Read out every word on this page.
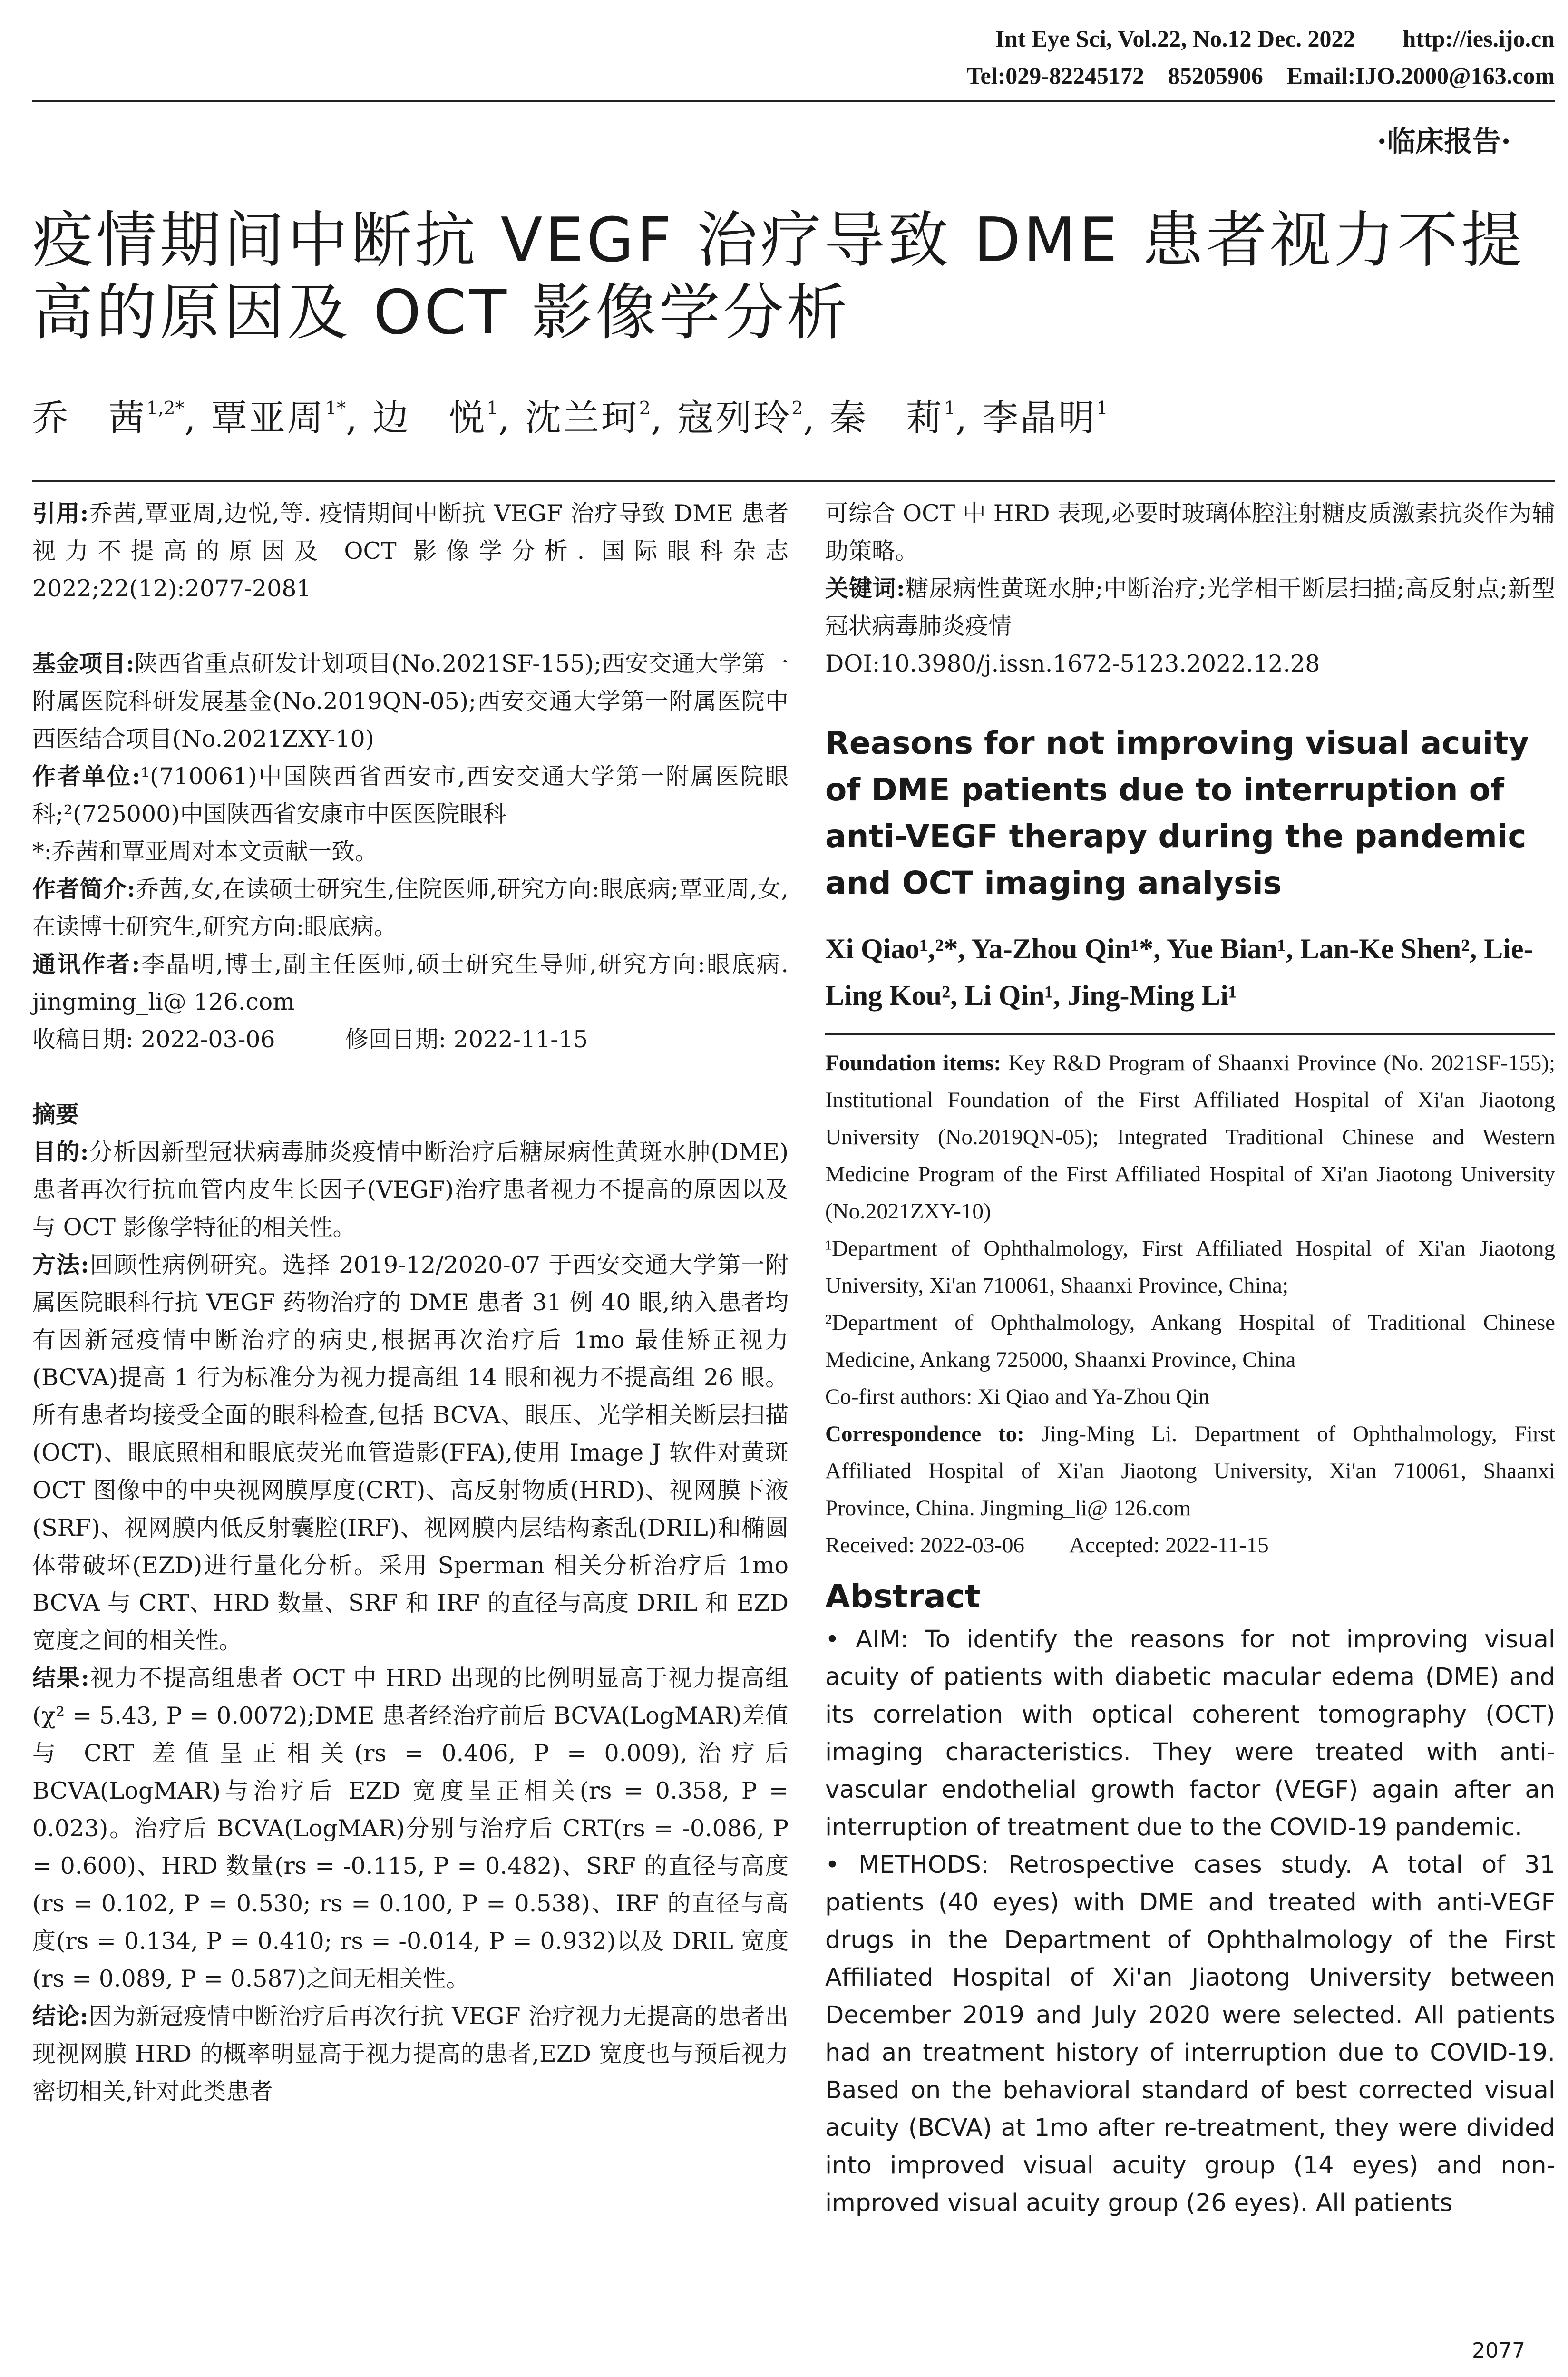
Int Eye Sci, Vol.22, No.12 Dec. 2022        http://ies.ijo.cn
Tel:029-82245172    85205906    Email:IJO.2000@163.com
·临床报告·
疫情期间中断抗 VEGF 治疗导致 DME 患者视力不提高的原因及 OCT 影像学分析
乔　茜$^{1,2*}$, 覃亚周$^{1*}$, 边　悦$^1$, 沈兰珂$^2$, 寇列玲$^2$, 秦　莉$^1$, 李晶明$^1$

引用:乔茜,覃亚周,边悦,等. 疫情期间中断抗 VEGF 治疗导致 DME 患者视力不提高的原因及 OCT 影像学分析. 国际眼科杂志 2022;22(12):2077-2081

基金项目:陕西省重点研发计划项目(No.2021SF-155);西安交通大学第一附属医院科研发展基金(No.2019QN-05);西安交通大学第一附属医院中西医结合项目(No.2021ZXY-10)

作者单位:¹(710061)中国陕西省西安市,西安交通大学第一附属医院眼科;²(725000)中国陕西省安康市中医医院眼科

*:乔茜和覃亚周对本文贡献一致。

作者简介:乔茜,女,在读硕士研究生,住院医师,研究方向:眼底病;覃亚周,女,在读博士研究生,研究方向:眼底病。

通讯作者:李晶明,博士,副主任医师,硕士研究生导师,研究方向:眼底病. jingming_li@ 126.com

收稿日期: 2022-03-06　　　修回日期: 2022-11-15

摘要

目的:分析因新型冠状病毒肺炎疫情中断治疗后糖尿病性黄斑水肿(DME)患者再次行抗血管内皮生长因子(VEGF)治疗患者视力不提高的原因以及与 OCT 影像学特征的相关性。

方法:回顾性病例研究。选择 2019-12/2020-07 于西安交通大学第一附属医院眼科行抗 VEGF 药物治疗的 DME 患者 31 例 40 眼,纳入患者均有因新冠疫情中断治疗的病史,根据再次治疗后 1mo 最佳矫正视力(BCVA)提高 1 行为标准分为视力提高组 14 眼和视力不提高组 26 眼。所有患者均接受全面的眼科检查,包括 BCVA、眼压、光学相关断层扫描(OCT)、眼底照相和眼底荧光血管造影(FFA),使用 Image J 软件对黄斑 OCT 图像中的中央视网膜厚度(CRT)、高反射物质(HRD)、视网膜下液(SRF)、视网膜内低反射囊腔(IRF)、视网膜内层结构紊乱(DRIL)和椭圆体带破坏(EZD)进行量化分析。采用 Sperman 相关分析治疗后 1mo BCVA 与 CRT、HRD 数量、SRF 和 IRF 的直径与高度 DRIL 和 EZD 宽度之间的相关性。

结果:视力不提高组患者 OCT 中 HRD 出现的比例明显高于视力提高组(χ² = 5.43, P = 0.0072);DME 患者经治疗前后 BCVA(LogMAR)差值与 CRT 差值呈正相关(rs = 0.406, P = 0.009),治疗后 BCVA(LogMAR)与治疗后 EZD 宽度呈正相关(rs = 0.358, P = 0.023)。治疗后 BCVA(LogMAR)分别与治疗后 CRT(rs = -0.086, P = 0.600)、HRD 数量(rs = -0.115, P = 0.482)、SRF 的直径与高度(rs = 0.102, P = 0.530; rs = 0.100, P = 0.538)、IRF 的直径与高度(rs = 0.134, P = 0.410; rs = -0.014, P = 0.932)以及 DRIL 宽度(rs = 0.089, P = 0.587)之间无相关性。

结论:因为新冠疫情中断治疗后再次行抗 VEGF 治疗视力无提高的患者出现视网膜 HRD 的概率明显高于视力提高的患者,EZD 宽度也与预后视力密切相关,针对此类患者

可综合 OCT 中 HRD 表现,必要时玻璃体腔注射糖皮质激素抗炎作为辅助策略。

关键词:糖尿病性黄斑水肿;中断治疗;光学相干断层扫描;高反射点;新型冠状病毒肺炎疫情

DOI:10.3980/j.issn.1672-5123.2022.12.28

Reasons for not improving visual acuity of DME patients due to interruption of anti-VEGF therapy during the pandemic and OCT imaging analysis

Xi Qiao¹,²*, Ya-Zhou Qin¹*, Yue Bian¹, Lan-Ke Shen², Lie-Ling Kou², Li Qin¹, Jing-Ming Li¹

Foundation items: Key R&D Program of Shaanxi Province (No. 2021SF-155); Institutional Foundation of the First Affiliated Hospital of Xi'an Jiaotong University (No.2019QN-05); Integrated Traditional Chinese and Western Medicine Program of the First Affiliated Hospital of Xi'an Jiaotong University (No.2021ZXY-10)

¹Department of Ophthalmology, First Affiliated Hospital of Xi'an Jiaotong University, Xi'an 710061, Shaanxi Province, China;

²Department of Ophthalmology, Ankang Hospital of Traditional Chinese Medicine, Ankang 725000, Shaanxi Province, China

Co-first authors: Xi Qiao and Ya-Zhou Qin

Correspondence to: Jing-Ming Li. Department of Ophthalmology, First Affiliated Hospital of Xi'an Jiaotong University, Xi'an 710061, Shaanxi Province, China. Jingming_li@ 126.com

Received: 2022-03-06　　Accepted: 2022-11-15

Abstract

• AIM: To identify the reasons for not improving visual acuity of patients with diabetic macular edema (DME) and its correlation with optical coherent tomography (OCT) imaging characteristics. They were treated with anti-vascular endothelial growth factor (VEGF) again after an interruption of treatment due to the COVID-19 pandemic.

• METHODS: Retrospective cases study. A total of 31 patients (40 eyes) with DME and treated with anti-VEGF drugs in the Department of Ophthalmology of the First Affiliated Hospital of Xi'an Jiaotong University between December 2019 and July 2020 were selected. All patients had an treatment history of interruption due to COVID-19. Based on the behavioral standard of best corrected visual acuity (BCVA) at 1mo after re-treatment, they were divided into improved visual acuity group (14 eyes) and non-improved visual acuity group (26 eyes). All patients

2077
